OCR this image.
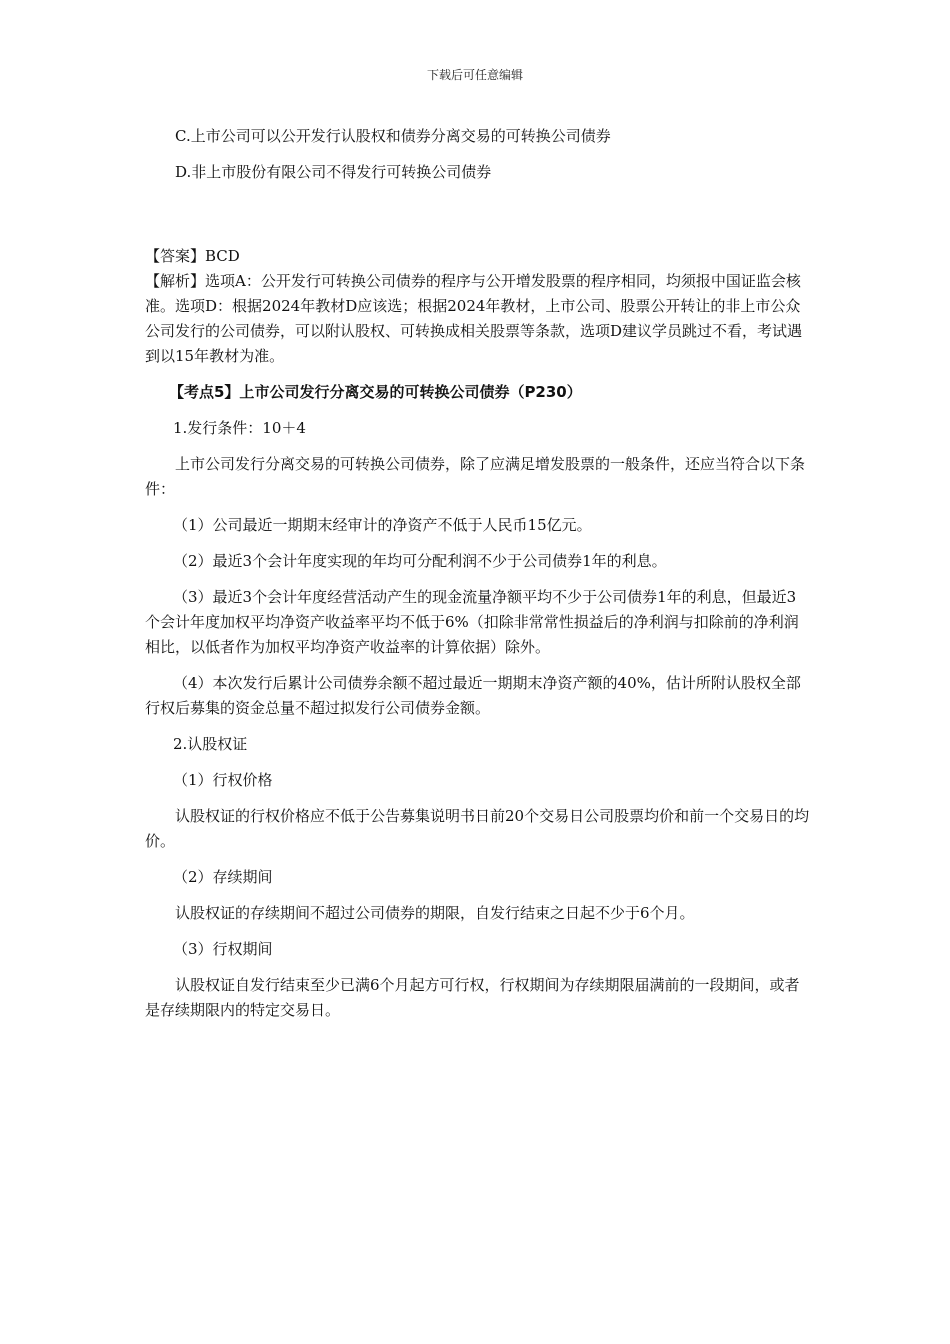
下载后可任意编辑

C.上市公司可以公开发行认股权和债券分离交易的可转换公司债券

D.非上市股份有限公司不得发行可转换公司债券

【答案】BCD

【解析】选项A：公开发行可转换公司债券的程序与公开增发股票的程序相同，均须报中国证监会核准。选项D：根据2024年教材D应该选；根据2024年教材，上市公司、股票公开转让的非上市公众公司发行的公司债券，可以附认股权、可转换成相关股票等条款，选项D建议学员跳过不看，考试遇到以15年教材为准。

【考点5】上市公司发行分离交易的可转换公司债券（P230）

1.发行条件：10＋4

上市公司发行分离交易的可转换公司债券，除了应满足增发股票的一般条件，还应当符合以下条件：

（1）公司最近一期期末经审计的净资产不低于人民币15亿元。

（2）最近3个会计年度实现的年均可分配利润不少于公司债券1年的利息。

（3）最近3个会计年度经营活动产生的现金流量净额平均不少于公司债券1年的利息，但最近3个会计年度加权平均净资产收益率平均不低于6%（扣除非常常性损益后的净利润与扣除前的净利润相比，以低者作为加权平均净资产收益率的计算依据）除外。

（4）本次发行后累计公司债券余额不超过最近一期期末净资产额的40%，估计所附认股权全部行权后募集的资金总量不超过拟发行公司债券金额。

2.认股权证

（1）行权价格

认股权证的行权价格应不低于公告募集说明书日前20个交易日公司股票均价和前一个交易日的均价。

（2）存续期间

认股权证的存续期间不超过公司债券的期限，自发行结束之日起不少于6个月。

（3）行权期间

认股权证自发行结束至少已满6个月起方可行权，行权期间为存续期限届满前的一段期间，或者是存续期限内的特定交易日。
